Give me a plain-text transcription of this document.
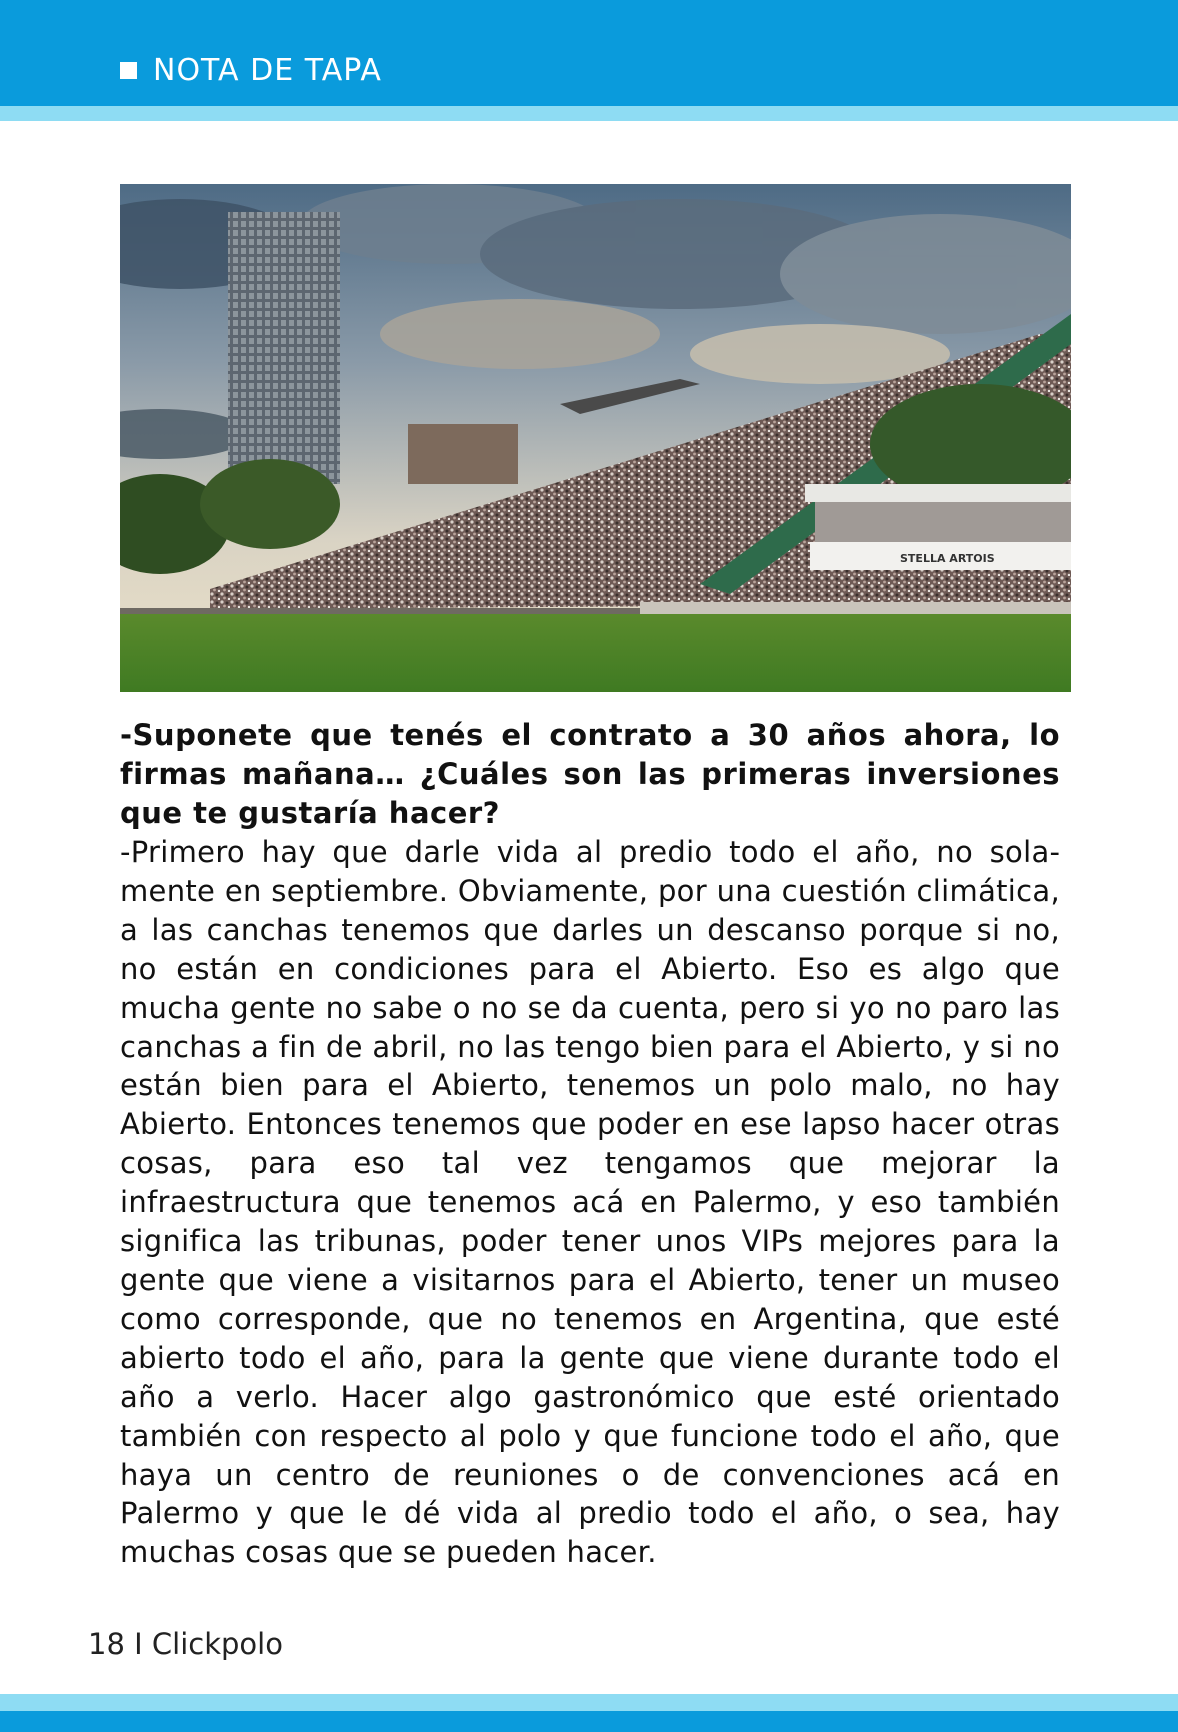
NOTA DE TAPA
STELLA ARTOIS

-Suponete que tenés el contrato a 30 años ahora, lo firmas mañana… ¿Cuáles son las primeras inversiones que te gustaría hacer?

-Primero hay que darle vida al predio todo el año, no solamente en septiembre. Obviamente, por una cuestión climática, a las canchas tenemos que darles un descanso porque si no, no están en condiciones para el Abierto. Eso es algo que mucha gente no sabe o no se da cuenta, pero si yo no paro las canchas a fin de abril, no las tengo bien para el Abierto, y si no están bien para el Abierto, tenemos un polo malo, no hay Abierto. Entonces tenemos que poder en ese lapso hacer otras cosas, para eso tal vez tengamos que mejorar la infraestructura que tenemos acá en Palermo, y eso también significa las tribunas, poder tener unos VIPs mejores para la gente que viene a visitarnos para el Abierto, tener un museo como corresponde, que no tenemos en Argentina, que esté abierto todo el año, para la gente que viene durante todo el año a verlo. Hacer algo gastronómico que esté orientado también con respecto al polo y que funcione todo el año, que haya un centro de reuniones o de convenciones acá en Palermo y que le dé vida al predio todo el año, o sea, hay muchas cosas que se pueden hacer.

18 I Clickpolo
